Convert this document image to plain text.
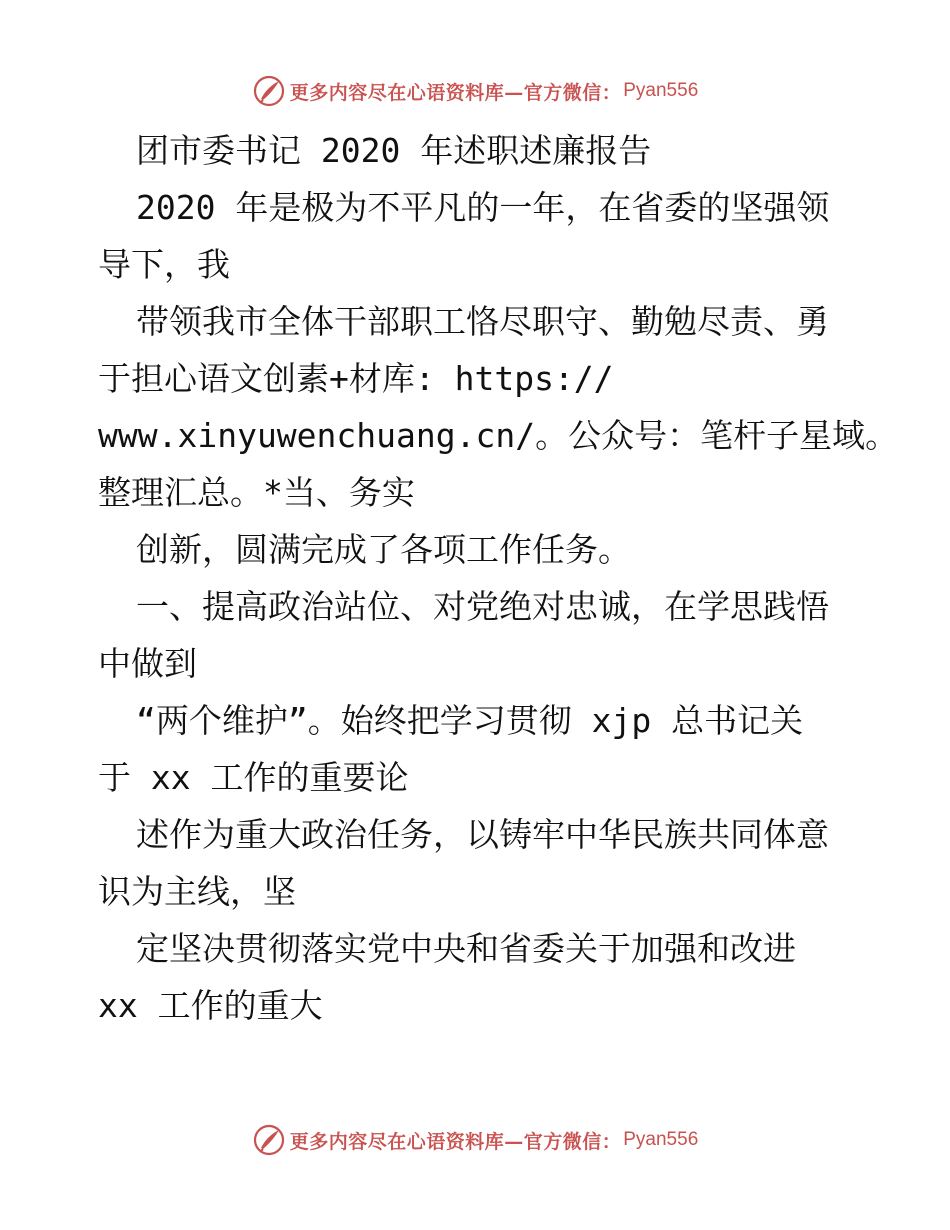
更多内容尽在心语资料库—官方微信： Pyan556
团市委书记 2020 年述职述廉报告
2020 年是极为不平凡的一年，在省委的坚强领
导下，我
带领我市全体干部职工恪尽职守、勤勉尽责、勇
于担心语文创素+材库: https://
www.xinyuwenchuang.cn/。公众号：笔杆子星域。
整理汇总。*当、务实
创新，圆满完成了各项工作任务。
一、提高政治站位、对党绝对忠诚，在学思践悟
中做到
“两个维护”。始终把学习贯彻 xjp 总书记关
于 xx 工作的重要论
述作为重大政治任务，以铸牢中华民族共同体意
识为主线，坚
定坚决贯彻落实党中央和省委关于加强和改进
xx 工作的重大
更多内容尽在心语资料库—官方微信： Pyan556
